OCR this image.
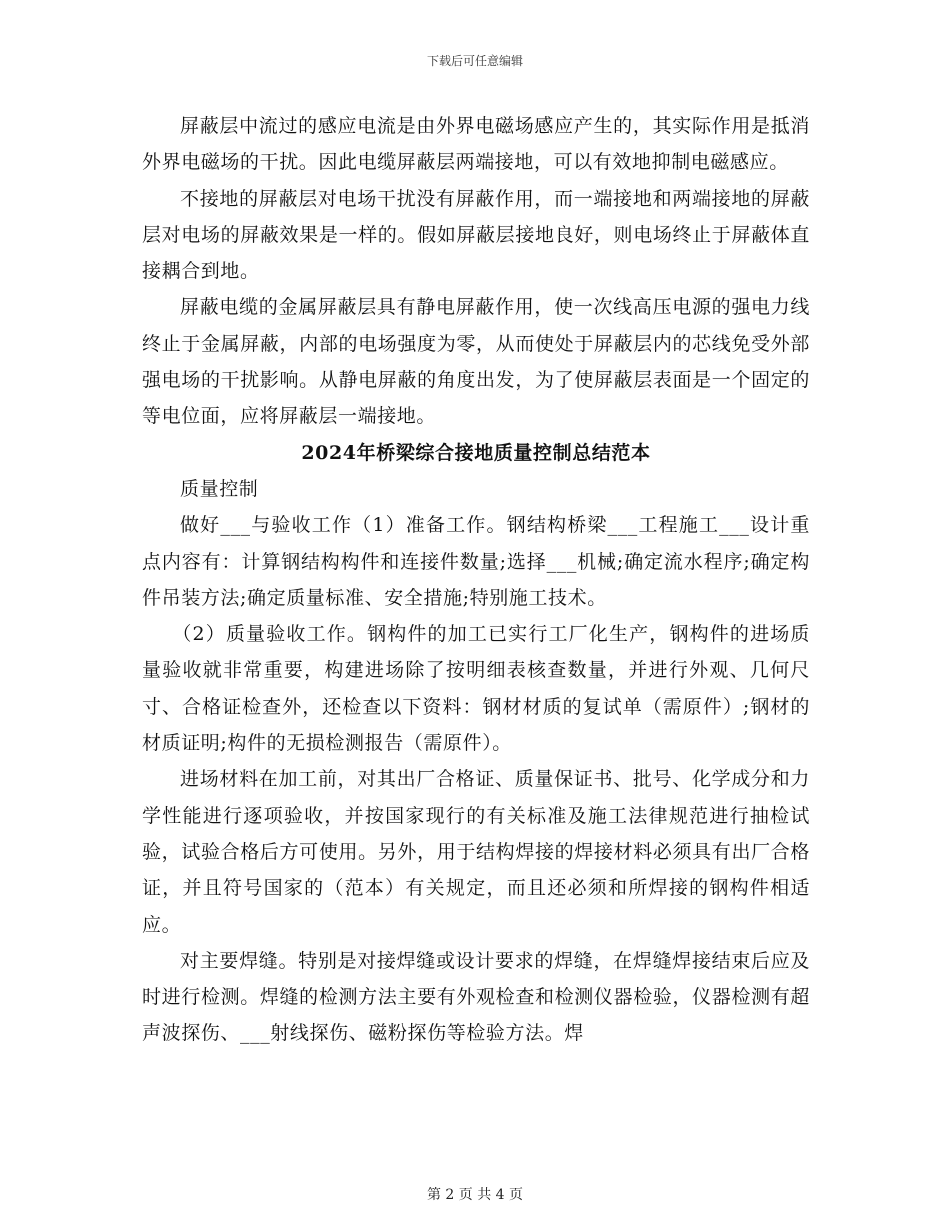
下载后可任意编辑

屏蔽层中流过的感应电流是由外界电磁场感应产生的，其实际作用是抵消外界电磁场的干扰。因此电缆屏蔽层两端接地，可以有效地抑制电磁感应。

不接地的屏蔽层对电场干扰没有屏蔽作用，而一端接地和两端接地的屏蔽层对电场的屏蔽效果是一样的。假如屏蔽层接地良好，则电场终止于屏蔽体直接耦合到地。

屏蔽电缆的金属屏蔽层具有静电屏蔽作用，使一次线高压电源的强电力线终止于金属屏蔽，内部的电场强度为零，从而使处于屏蔽层内的芯线免受外部强电场的干扰影响。从静电屏蔽的角度出发，为了使屏蔽层表面是一个固定的等电位面，应将屏蔽层一端接地。

2024年桥梁综合接地质量控制总结范本

质量控制

做好___与验收工作（1）准备工作。钢结构桥梁___工程施工___设计重点内容有：计算钢结构构件和连接件数量;选择___机械;确定流水程序;确定构件吊装方法;确定质量标准、安全措施;特别施工技术。

（2）质量验收工作。钢构件的加工已实行工厂化生产，钢构件的进场质量验收就非常重要，构建进场除了按明细表核查数量，并进行外观、几何尺寸、合格证检查外，还检查以下资料：钢材材质的复试单（需原件）;钢材的材质证明;构件的无损检测报告（需原件）。

进场材料在加工前，对其出厂合格证、质量保证书、批号、化学成分和力学性能进行逐项验收，并按国家现行的有关标准及施工法律规范进行抽检试验，试验合格后方可使用。另外，用于结构焊接的焊接材料必须具有出厂合格证，并且符号国家的（范本）有关规定，而且还必须和所焊接的钢构件相适应。

对主要焊缝。特别是对接焊缝或设计要求的焊缝，在焊缝焊接结束后应及时进行检测。焊缝的检测方法主要有外观检查和检测仪器检验，仪器检测有超声波探伤、___射线探伤、磁粉探伤等检验方法。焊

第 2 页 共 4 页
